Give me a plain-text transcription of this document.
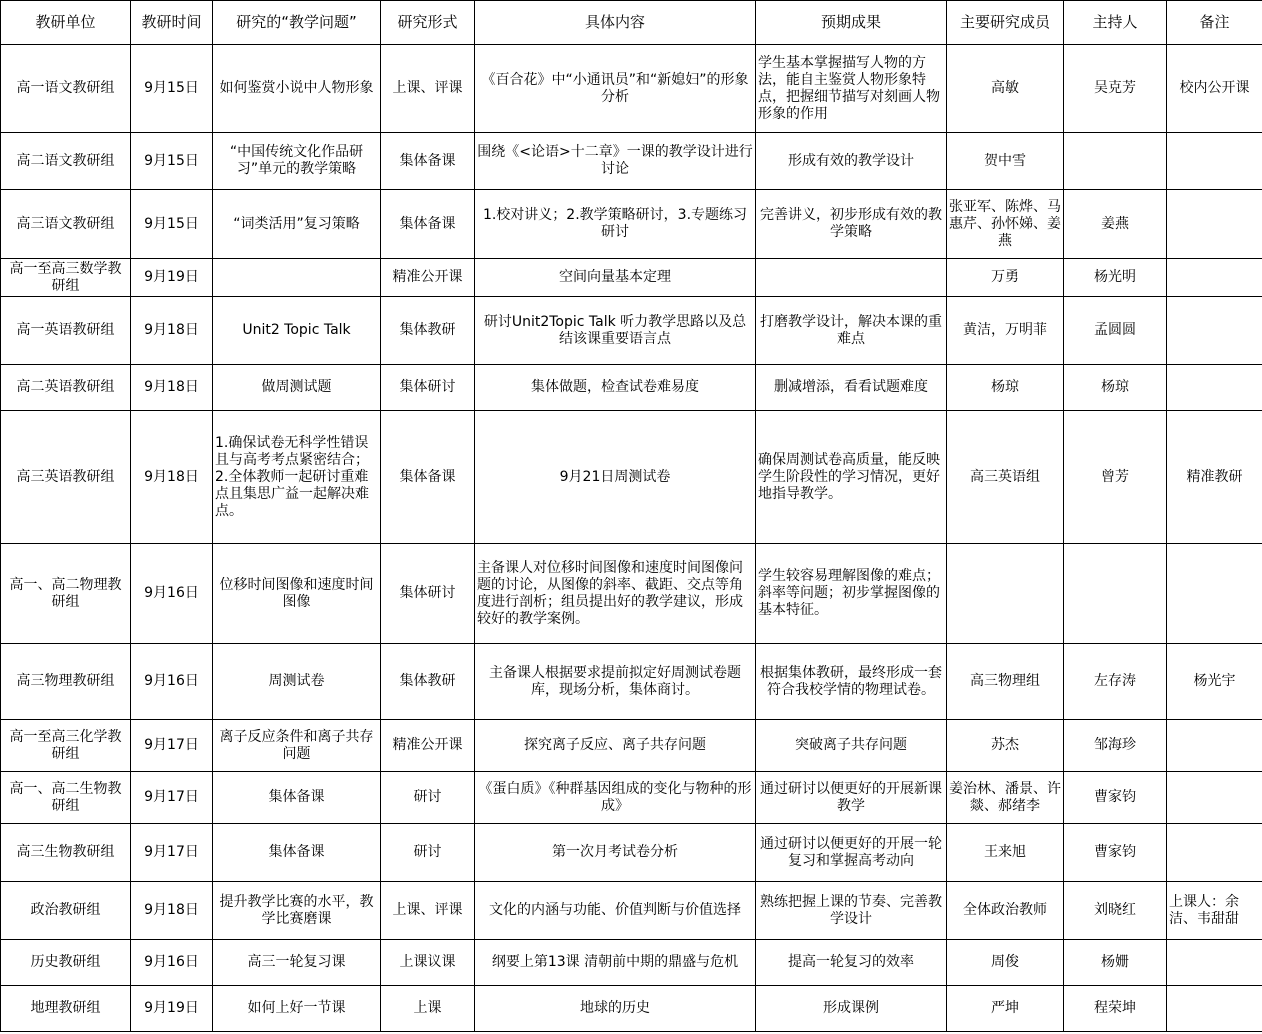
教研单位	教研时间	研究的“教学问题”	研究形式	具体内容	预期成果	主要研究成员	主持人	备注
高一语文教研组	9月15日	如何鉴赏小说中人物形象	上课、评课	《百合花》中“小通讯员”和“新媳妇”的形象分析	学生基本掌握描写人物的方法，能自主鉴赏人物形象特点，把握细节描写对刻画人物形象的作用	高敏	吴克芳	校内公开课
高二语文教研组	9月15日	“中国传统文化作品研习”单元的教学策略	集体备课	围绕《<论语>十二章》一课的教学设计进行讨论	形成有效的教学设计	贺中雪		
高三语文教研组	9月15日	“词类活用”复习策略	集体备课	1.校对讲义；2.教学策略研讨，3.专题练习研讨	完善讲义，初步形成有效的教学策略	张亚军、陈烨、马惠芹、孙怀娣、姜燕	姜燕	
高一至高三数学教研组	9月19日		精准公开课	空间向量基本定理		万勇	杨光明	
高一英语教研组	9月18日	Unit2 Topic Talk	集体教研	研讨Unit2Topic Talk 听力教学思路以及总结该课重要语言点	打磨教学设计，解决本课的重难点	黄洁，万明菲	孟圆圆	
高二英语教研组	9月18日	做周测试题	集体研讨	集体做题，检查试卷难易度	删减增添，看看试题难度	杨琼	杨琼	
高三英语教研组	9月18日	1.确保试卷无科学性错误且与高考考点紧密结合；2.全体教师一起研讨重难点且集思广益一起解决难点。	集体备课	9月21日周测试卷	确保周测试卷高质量，能反映学生阶段性的学习情况，更好地指导教学。	高三英语组	曾芳	精准教研
高一、高二物理教研组	9月16日	位移时间图像和速度时间图像	集体研讨	主备课人对位移时间图像和速度时间图像问题的讨论，从图像的斜率、截距、交点等角度进行剖析；组员提出好的教学建议，形成较好的教学案例。	学生较容易理解图像的难点；斜率等问题；初步掌握图像的基本特征。			
高三物理教研组	9月16日	周测试卷	集体教研	主备课人根据要求提前拟定好周测试卷题库，现场分析，集体商讨。	根据集体教研，最终形成一套符合我校学情的物理试卷。	高三物理组	左存涛	杨光宇
高一至高三化学教研组	9月17日	离子反应条件和离子共存问题	精准公开课	探究离子反应、离子共存问题	突破离子共存问题	苏杰	邹海珍	
高一、高二生物教研组	9月17日	集体备课	研讨	《蛋白质》《种群基因组成的变化与物种的形成》	通过研讨以便更好的开展新课教学	姜治林、潘景、许燚、郝绪李	曹家钧	
高三生物教研组	9月17日	集体备课	研讨	第一次月考试卷分析	通过研讨以便更好的开展一轮复习和掌握高考动向	王来旭	曹家钧	
政治教研组	9月18日	提升教学比赛的水平，教学比赛磨课	上课、评课	文化的内涵与功能、价值判断与价值选择	熟练把握上课的节奏、完善教学设计	全体政治教师	刘晓红	上课人：余洁、韦甜甜
历史教研组	9月16日	高三一轮复习课	上课议课	纲要上第13课 清朝前中期的鼎盛与危机	提高一轮复习的效率	周俊	杨姗	
地理教研组	9月19日	如何上好一节课	上课	地球的历史	形成课例	严坤	程荣坤	
